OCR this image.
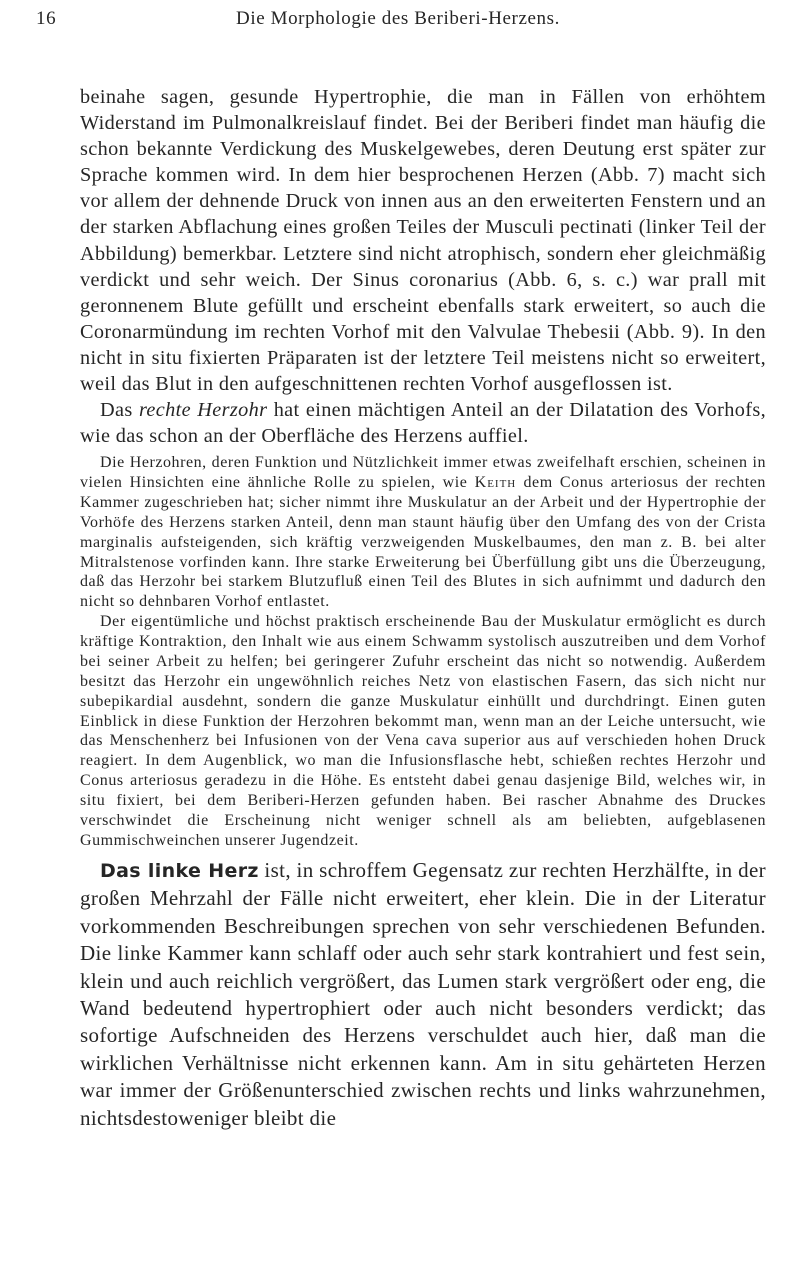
16	Die Morphologie des Beriberi-Herzens.

beinahe sagen, gesunde Hypertrophie, die man in Fällen von erhöhtem Widerstand im Pulmonalkreislauf findet. Bei der Beriberi findet man häufig die schon bekannte Verdickung des Muskelgewebes, deren Deutung erst später zur Sprache kommen wird. In dem hier besprochenen Herzen (Abb. 7) macht sich vor allem der dehnende Druck von innen aus an den erweiterten Fenstern und an der starken Abflachung eines großen Teiles der Musculi pectinati (linker Teil der Abbildung) bemerkbar. Letztere sind nicht atrophisch, sondern eher gleichmäßig verdickt und sehr weich. Der Sinus coronarius (Abb. 6, s. c.) war prall mit geronnenem Blute gefüllt und erscheint ebenfalls stark erweitert, so auch die Coronarmündung im rechten Vorhof mit den Valvulae Thebesii (Abb. 9). In den nicht in situ fixierten Präparaten ist der letztere Teil meistens nicht so erweitert, weil das Blut in den aufgeschnittenen rechten Vorhof ausgeflossen ist.

Das rechte Herzohr hat einen mächtigen Anteil an der Dilatation des Vorhofs, wie das schon an der Oberfläche des Herzens auffiel.

Die Herzohren, deren Funktion und Nützlichkeit immer etwas zweifelhaft erschien, scheinen in vielen Hinsichten eine ähnliche Rolle zu spielen, wie Keith dem Conus arteriosus der rechten Kammer zugeschrieben hat; sicher nimmt ihre Muskulatur an der Arbeit und der Hypertrophie der Vorhöfe des Herzens starken Anteil, denn man staunt häufig über den Umfang des von der Crista marginalis aufsteigenden, sich kräftig verzweigenden Muskelbaumes, den man z. B. bei alter Mitralstenose vorfinden kann. Ihre starke Erweiterung bei Überfüllung gibt uns die Überzeugung, daß das Herzohr bei starkem Blutzufluß einen Teil des Blutes in sich aufnimmt und dadurch den nicht so dehnbaren Vorhof entlastet.

Der eigentümliche und höchst praktisch erscheinende Bau der Muskulatur ermöglicht es durch kräftige Kontraktion, den Inhalt wie aus einem Schwamm systolisch auszutreiben und dem Vorhof bei seiner Arbeit zu helfen; bei geringerer Zufuhr erscheint das nicht so notwendig. Außerdem besitzt das Herzohr ein ungewöhnlich reiches Netz von elastischen Fasern, das sich nicht nur subepikardial ausdehnt, sondern die ganze Muskulatur einhüllt und durchdringt. Einen guten Einblick in diese Funktion der Herzohren bekommt man, wenn man an der Leiche untersucht, wie das Menschenherz bei Infusionen von der Vena cava superior aus auf verschieden hohen Druck reagiert. In dem Augenblick, wo man die Infusionsflasche hebt, schießen rechtes Herzohr und Conus arteriosus geradezu in die Höhe. Es entsteht dabei genau dasjenige Bild, welches wir, in situ fixiert, bei dem Beriberi-Herzen gefunden haben. Bei rascher Abnahme des Druckes verschwindet die Erscheinung nicht weniger schnell als am beliebten, aufgeblasenen Gummischweinchen unserer Jugendzeit.

Das linke Herz ist, in schroffem Gegensatz zur rechten Herzhälfte, in der großen Mehrzahl der Fälle nicht erweitert, eher klein. Die in der Literatur vorkommenden Beschreibungen sprechen von sehr verschiedenen Befunden. Die linke Kammer kann schlaff oder auch sehr stark kontrahiert und fest sein, klein und auch reichlich vergrößert, das Lumen stark vergrößert oder eng, die Wand bedeutend hypertrophiert oder auch nicht besonders verdickt; das sofortige Aufschneiden des Herzens verschuldet auch hier, daß man die wirklichen Verhältnisse nicht erkennen kann. Am in situ gehärteten Herzen war immer der Größenunterschied zwischen rechts und links wahrzunehmen, nichtsdestoweniger bleibt die
